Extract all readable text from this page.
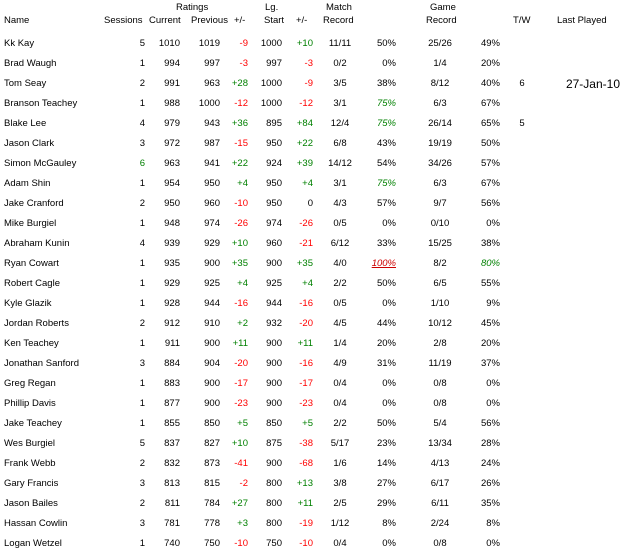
Ratings	Lg.	Match	Game
Name	Sessions Current Previous +/- Start +/- Record	Record	T/W	Last Played
Kk Kay	5	1010	1019	-9	1000	+10	11/11	50%	25/26	49%
Brad Waugh	1	994	997	-3	997	-3	0/2	0%	1/4	20%
Tom Seay	2	991	963	+28	1000	-9	3/5	38%	8/12	40%	6	27-Jan-10
Branson Teachey	1	988	1000	-12	1000	-12	3/1	75%	6/3	67%
Blake Lee	4	979	943	+36	895	+84	12/4	75%	26/14	65%	5
Jason Clark	3	972	987	-15	950	+22	6/8	43%	19/19	50%
Simon McGauley	6	963	941	+22	924	+39	14/12	54%	34/26	57%
Adam Shin	1	954	950	+4	950	+4	3/1	75%	6/3	67%
Jake Cranford	2	950	960	-10	950	0	4/3	57%	9/7	56%
Mike Burgiel	1	948	974	-26	974	-26	0/5	0%	0/10	0%
Abraham Kunin	4	939	929	+10	960	-21	6/12	33%	15/25	38%
Ryan Cowart	1	935	900	+35	900	+35	4/0	100%	8/2	80%
Robert Cagle	1	929	925	+4	925	+4	2/2	50%	6/5	55%
Kyle Glazik	1	928	944	-16	944	-16	0/5	0%	1/10	9%
Jordan Roberts	2	912	910	+2	932	-20	4/5	44%	10/12	45%
Ken Teachey	1	911	900	+11	900	+11	1/4	20%	2/8	20%
Jonathan Sanford	3	884	904	-20	900	-16	4/9	31%	11/19	37%
Greg Regan	1	883	900	-17	900	-17	0/4	0%	0/8	0%
Phillip Davis	1	877	900	-23	900	-23	0/4	0%	0/8	0%
Jake Teachey	1	855	850	+5	850	+5	2/2	50%	5/4	56%
Wes Burgiel	5	837	827	+10	875	-38	5/17	23%	13/34	28%
Frank Webb	2	832	873	-41	900	-68	1/6	14%	4/13	24%
Gary Francis	3	813	815	-2	800	+13	3/8	27%	6/17	26%
Jason Bailes	2	811	784	+27	800	+11	2/5	29%	6/11	35%
Hassan Cowlin	3	781	778	+3	800	-19	1/12	8%	2/24	8%
Logan Wetzel	1	740	750	-10	750	-10	0/4	0%	0/8	0%
